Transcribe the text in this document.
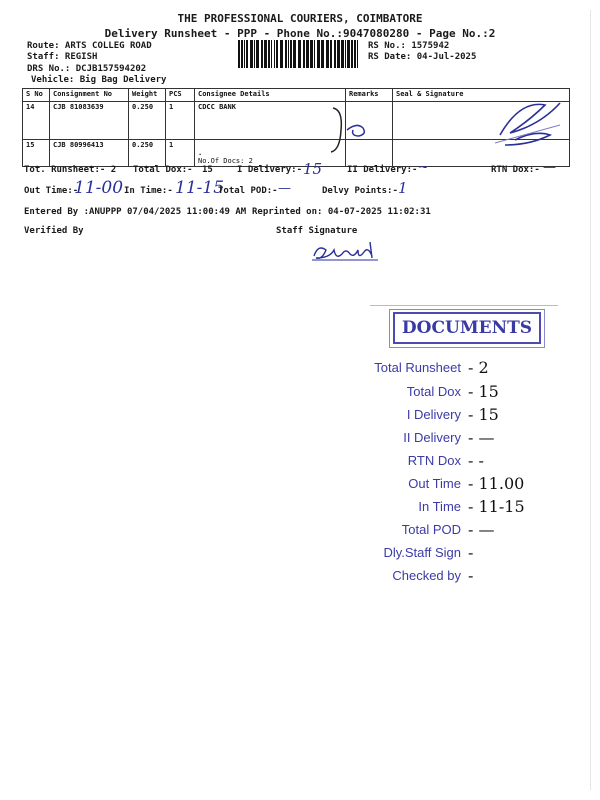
THE PROFESSIONAL COURIERS, COIMBATORE
Delivery Runsheet - PPP - Phone No.:9047080280 - Page No.:2
Route: ARTS COLLEG ROAD
Staff: REGISH
DRS No.: DCJB157594202
Vehicle: Big Bag Delivery
RS No.: 1575942
RS Date: 04-Jul-2025
S No	Consignment No	Weight	PCS	Consignee Details	Remarks	Seal & Signature
14	CJB 81083639	0.250	1	CDCC BANK		
15	CJB 80996413	0.250	1	.
No.Of Docs: 2		

Tot. Runsheet:- 2 Total Dox:- 15	I Delivery:- 15	II Delivery:- ~	RTN Dox:- —
Out Time:-
11-00 In Time:- 11-15
Total POD:- —	Delvy Points:- 1
Entered By :ANUPPP 07/04/2025 11:00:49 AM Reprinted on: 04-07-2025 11:02:31
Verified By	Staff Signature
DOCUMENTS
Total Runsheet - 2
Total Dox - 15
I Delivery - 15
II Delivery - —
RTN Dox - -
Out Time - 11.00
In Time - 11-15
Total POD - —
Dly.Staff Sign -
Checked by -
